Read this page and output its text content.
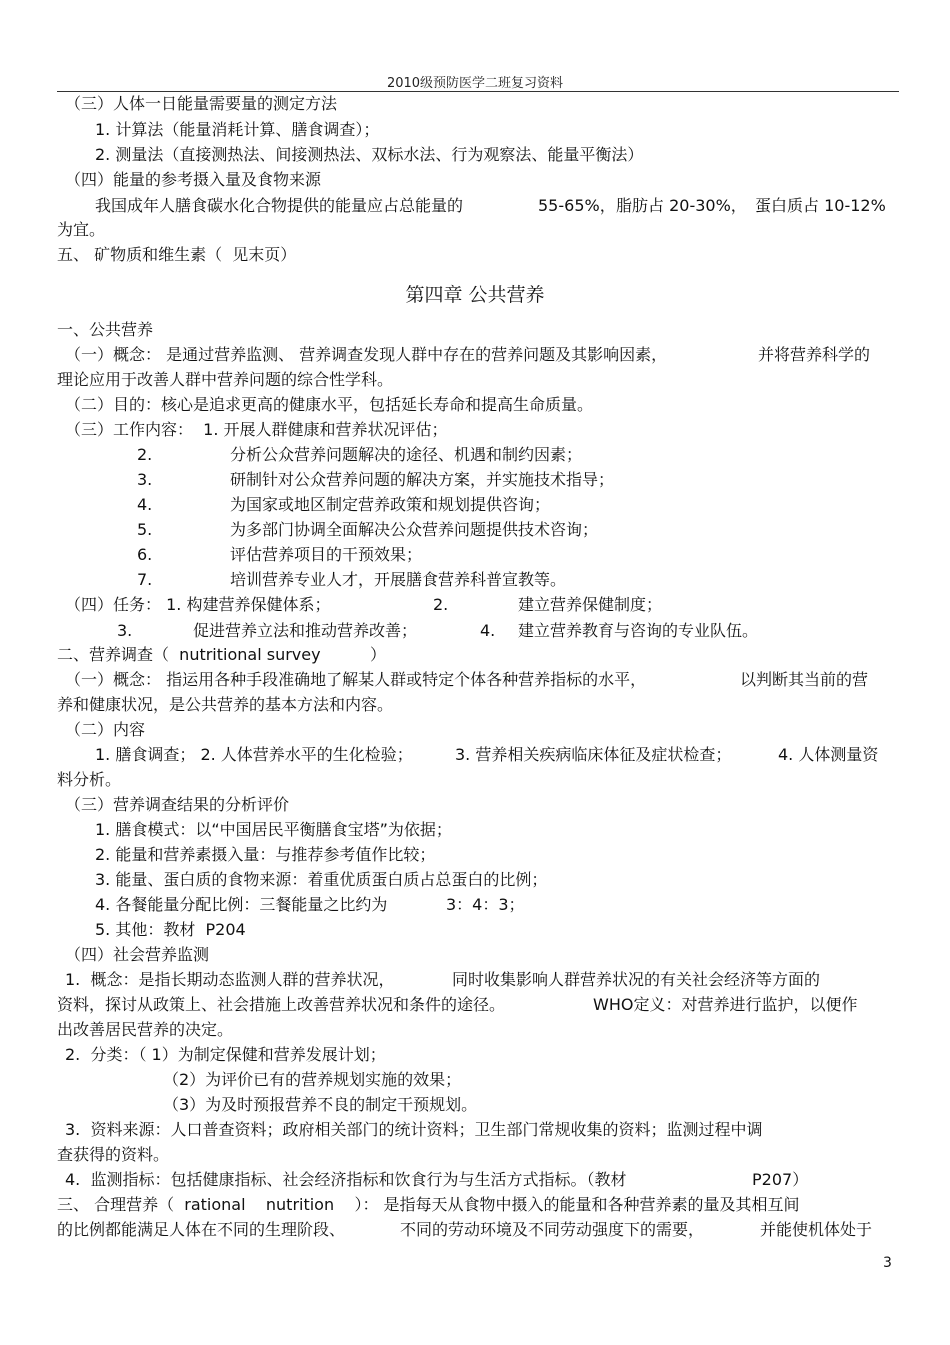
2010级预防医学二班复习资料
（三）人体一日能量需要量的测定方法
1. 计算法（能量消耗计算、膳食调查）；
2. 测量法（直接测热法、间接测热法、双标水法、行为观察法、能量平衡法）
（四）能量的参考摄入量及食物来源
我国成年人膳食碳水化合物提供的能量应占总能量的	55-65%， 脂肪占 20-30%， 蛋白质占 10-12%
为宜。
五、 矿物质和维生素（  见末页）
第四章 公共营养
一、公共营养
（一）概念： 是通过营养监测、 营养调查发现人群中存在的营养问题及其影响因素，	并将营养科学的
理论应用于改善人群中营养问题的综合性学科。
（二）目的：核心是追求更高的健康水平，包括延长寿命和提高生命质量。
（三）工作内容：  1. 开展人群健康和营养状况评估；
2.	分析公众营养问题解决的途径、机遇和制约因素；
3.	研制针对公众营养问题的解决方案，并实施技术指导；
4.	为国家或地区制定营养政策和规划提供咨询；
5.	为多部门协调全面解决公众营养问题提供技术咨询；
6.	评估营养项目的干预效果；
7.	培训营养专业人才，开展膳食营养科普宣教等。
（四）任务： 1. 构建营养保健体系；	2.	建立营养保健制度；
3.	促进营养立法和推动营养改善；	4. 建立营养教育与咨询的专业队伍。
二、营养调查（  nutritional survey	）
（一）概念： 指运用各种手段准确地了解某人群或特定个体各种营养指标的水平，	以判断其当前的营
养和健康状况，是公共营养的基本方法和内容。
（二）内容
1. 膳食调查； 2. 人体营养水平的生化检验；	3. 营养相关疾病临床体征及症状检查；	4. 人体测量资
料分析。
（三）营养调查结果的分析评价
1. 膳食模式：以“中国居民平衡膳食宝塔”为依据；
2. 能量和营养素摄入量：与推荐参考值作比较；
3. 能量、蛋白质的食物来源：着重优质蛋白质占总蛋白的比例；
4. 各餐能量分配比例：三餐能量之比约为	3：4：3；
5. 其他：教材  P204
（四）社会营养监测
1.  概念：是指长期动态监测人群的营养状况，	同时收集影响人群营养状况的有关社会经济等方面的
资料，探讨从政策上、社会措施上改善营养状况和条件的途径。	WHO定义：对营养进行监护，以便作
出改善居民营养的决定。
2.  分类：（ 1）为制定保健和营养发展计划；
（2）为评价已有的营养规划实施的效果；
（3）为及时预报营养不良的制定干预规划。
3.  资料来源：人口普查资料；政府相关部门的统计资料；卫生部门常规收集的资料；监测过程中调
查获得的资料。
4.  监测指标：包括健康指标、社会经济指标和饮食行为与生活方式指标。（教材	P207）
三、 合理营养（  rational    nutrition    ）： 是指每天从食物中摄入的能量和各种营养素的量及其相互间
的比例都能满足人体在不同的生理阶段、	不同的劳动环境及不同劳动强度下的需要，	并能使机体处于
3
